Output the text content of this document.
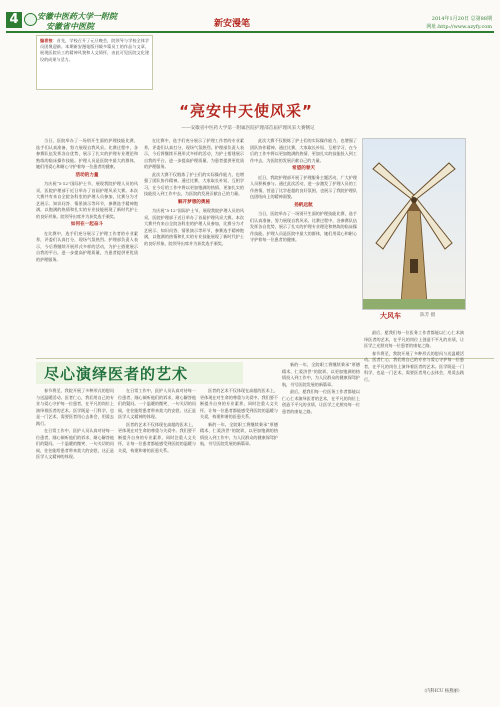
4	安徽中医药大学一附院
安徽省中医院	新安漫笔	2014年1月20日 总第88期
网址:http://www.azyfy.com
编者按：首先，学校召开了元旦晚会，院领导与学校全体学员团聚迎新。本期新安漫笔版刊载多篇员工的作品与文章，展现医院员工的精神风貌和人文情怀，由此可见医院文化建设的成果与活力。
“亮安中天使风采”
——安徽省中医药大学第一附属医院护理部首届护理风采大赛侧记

当日，医院举办了一场别开生面的护理技能比赛，选手们认真准备，努力展现自我风采。比赛过程中，各参赛队伍发挥各自优势，展示了扎实的护理专业理论和熟练的临床操作技能。护理人员是医院中最大的群体，她们用爱心和耐心守护着每一位患者的健康。

活动的力量

为庆祝“5·12”国际护士节，展现我院护理人员的风采，医院护理部于近日举办了首届护理风采大赛。本次大赛共有来自全院各科室的护理人员参加，比赛分为才艺展示、知识问答、情景演示等环节，参赛选手精神饱满，以饱满的热情和扎实的专业技能展现了新时代护士的良好形象。院领导出席并为获奖选手颁奖。

如何在一起奋斗

在比赛中，选手们充分展示了护理工作者的专业素养，评委们认真打分，现场气氛热烈。护理部负责人表示，今后将继续开展形式多样的活动，为护士搭建展示自我的平台，进一步提高护理质量，为患者提供更优质的护理服务。

在比赛中，选手们充分展示了护理工作者的专业素养，评委们认真打分，现场气氛热烈。护理部负责人表示，今后将继续开展形式多样的活动，为护士搭建展示自我的平台，进一步提高护理质量，为患者提供更优质的护理服务。

此次大赛不仅锻炼了护士们的实际操作能力，也增强了团队协作精神。通过比赛，大家取长补短、互相学习，在今后的工作中将以更加饱满的热情、更加扎实的技能投入到工作中去，为医院的发展贡献自己的力量。

解开梦想的奥秘

为庆祝“5·12”国际护士节，展现我院护理人员的风采，医院护理部于近日举办了首届护理风采大赛。本次大赛共有来自全院各科室的护理人员参加，比赛分为才艺展示、知识问答、情景演示等环节，参赛选手精神饱满，以饱满的热情和扎实的专业技能展现了新时代护士的良好形象。院领导出席并为获奖选手颁奖。

此次大赛不仅锻炼了护士们的实际操作能力，也增强了团队协作精神。通过比赛，大家取长补短、互相学习，在今后的工作中将以更加饱满的热情、更加扎实的技能投入到工作中去，为医院的发展贡献自己的力量。

希望的春天

近日，我院护理部开展了护理服务主题活动，广大护理人员积极参与。通过此次活动，进一步激发了护理人员的工作热情，营造了比学赶超的良好氛围，也展示了我院护理队伍团结向上的精神面貌。

扬帆远航

当日，医院举办了一场别开生面的护理技能比赛，选手们认真准备，努力展现自我风采。比赛过程中，各参赛队伍发挥各自优势，展示了扎实的护理专业理论和熟练的临床操作技能。护理人员是医院中最大的群体，她们用爱心和耐心守护着每一位患者的健康。

大风车	陈芳 摄
尽心演绎医者的艺术

春节将至，我院开展了多种形式的慰问与送温暖活动。医者仁心，我们用自己的专业与爱心守护每一位患者，在平凡的岗位上演绎着医者的艺术。医学既是一门科学，也是一门艺术，需要医者用心去体会，用爱去践行。

在日常工作中，医护人员认真对待每一位患者，细心倾听他们的诉求，耐心解答他们的疑问。一个温暖的微笑、一句关切的问候，往往能给患者带来莫大的安慰，这正是医学人文精神的体现。

在日常工作中，医护人员认真对待每一位患者，细心倾听他们的诉求，耐心解答他们的疑问。一个温暖的微笑、一句关切的问候，往往能给患者带来莫大的安慰，这正是医学人文精神的体现。

医者的艺术不仅体现在高超的医术上，更体现在对生命的尊重与关爱中。我们要不断提升自身的专业素养，同时注重人文关怀，让每一位患者都能感受到医院的温暖与关爱，构建和谐的医患关系。

医者的艺术不仅体现在高超的医术上，更体现在对生命的尊重与关爱中。我们要不断提升自身的专业素养，同时注重人文关怀，让每一位患者都能感受到医院的温暖与关爱，构建和谐的医患关系。

新的一年，全院职工将继续秉承“厚德精术、仁爱济世”的院训，以更加饱满的热情投入到工作中，为人民群众的健康保驾护航，书写医院发展的新篇章。

新的一年，全院职工将继续秉承“厚德精术、仁爱济世”的院训，以更加饱满的热情投入到工作中，为人民群众的健康保驾护航，书写医院发展的新篇章。

最后，愿我们每一位医务工作者都能以仁心仁术演绎医者的艺术，在平凡的岗位上创造不平凡的业绩，让医学之光照亮每一位患者的康复之路。

最后，愿我们每一位医务工作者都能以仁心仁术演绎医者的艺术，在平凡的岗位上创造不平凡的业绩，让医学之光照亮每一位患者的康复之路。

春节将至，我院开展了多种形式的慰问与送温暖活动。医者仁心，我们用自己的专业与爱心守护每一位患者，在平凡的岗位上演绎着医者的艺术。医学既是一门科学，也是一门艺术，需要医者用心去体会，用爱去践行。

（内科ICU 杨燕丽）
